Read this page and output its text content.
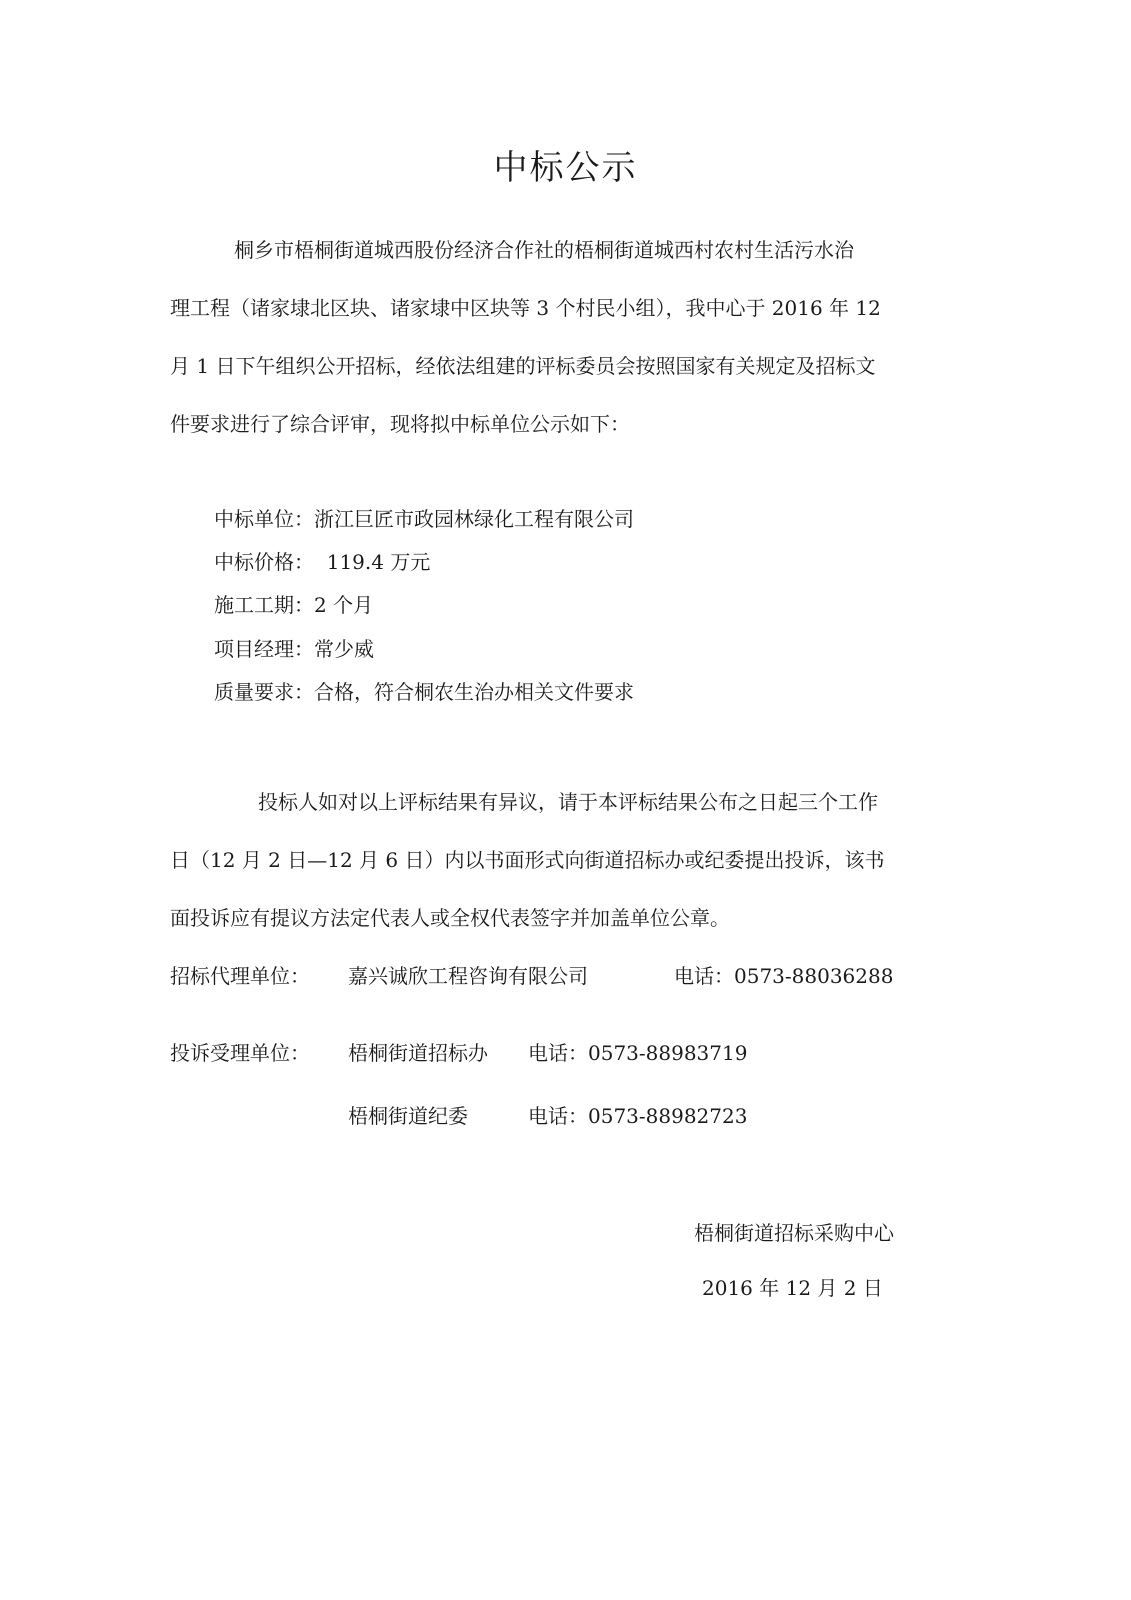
中标公示
桐乡市梧桐街道城西股份经济合作社的梧桐街道城西村农村生活污水治
理工程（诸家埭北区块、诸家埭中区块等 3 个村民小组），我中心于 2016 年 12
月 1 日下午组织公开招标，经依法组建的评标委员会按照国家有关规定及招标文
件要求进行了综合评审，现将拟中标单位公示如下：
中标单位：浙江巨匠市政园林绿化工程有限公司
中标价格：  119.4 万元
施工工期：2 个月
项目经理：常少威
质量要求：合格，符合桐农生治办相关文件要求
投标人如对以上评标结果有异议，请于本评标结果公布之日起三个工作
日（12 月 2 日—12 月 6 日）内以书面形式向街道招标办或纪委提出投诉，该书
面投诉应有提议方法定代表人或全权代表签字并加盖单位公章。
招标代理单位： 嘉兴诚欣工程咨询有限公司	电话：0573-88036288
投诉受理单位： 梧桐街道招标办 电话：0573-88983719
梧桐街道纪委	电话：0573-88982723
梧桐街道招标采购中心
2016 年 12 月 2 日
